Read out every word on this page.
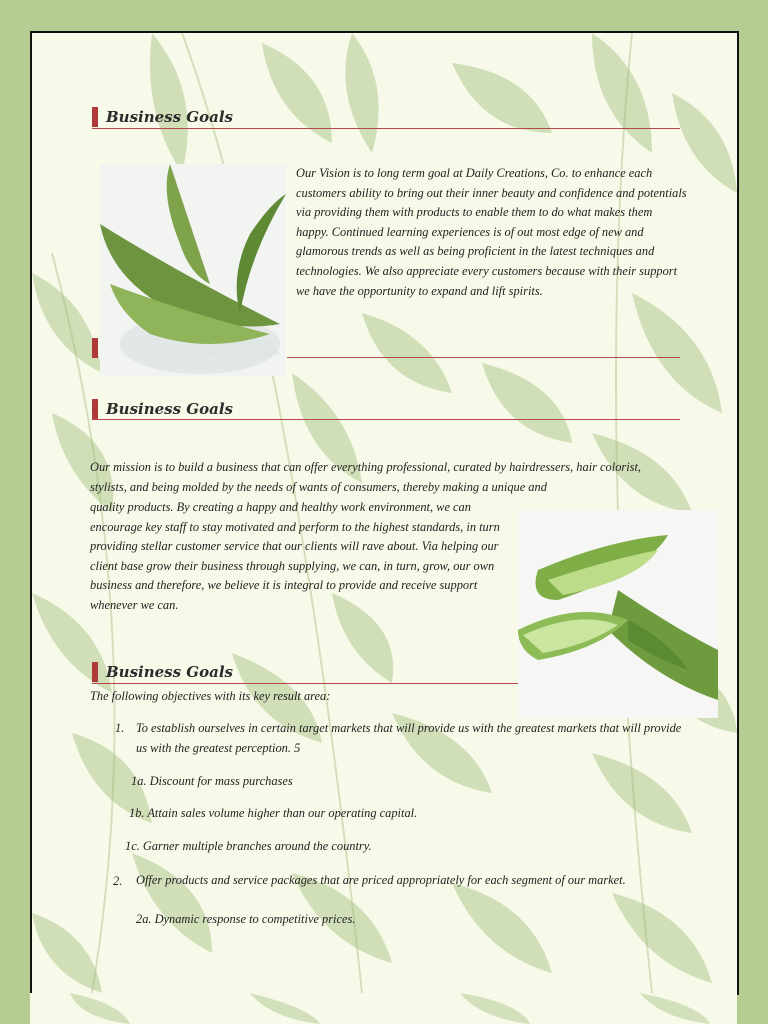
Business Goals

Our Vision is to long term goal at Daily Creations, Co. to enhance each customers ability to bring out their inner beauty and confidence and potentials via providing them with products to enable them to do what makes them happy. Continued learning experiences is of out most edge of new and glamorous trends as well as being proficient in the latest techniques and technologies. We also appreciate every customers because with their support we have the opportunity to expand and lift spirits.

Business Goals

Our mission is to build a business that can offer everything professional, curated by hairdressers, hair colorist, stylists, and being molded by the needs of wants of consumers, thereby making a unique and

quality products. By creating a happy and healthy work environment, we can encourage key staff to stay motivated and perform to the highest standards, in turn providing stellar customer service that our clients will rave about. Via helping our client base grow their business through supplying, we can, in turn, grow, our own business and therefore, we believe it is integral to provide and receive support whenever we can.

Business Goals
The following objectives with its key result area:
1. To establish ourselves in certain target markets that will provide us with the greatest markets that will provide us with the greatest perception. 5
1a. Discount for mass purchases
1b. Attain sales volume higher than our operating capital.
1c. Garner multiple branches around the country.
2. Offer products and service packages that are priced appropriately for each segment of our market.
2a. Dynamic response to competitive prices.
